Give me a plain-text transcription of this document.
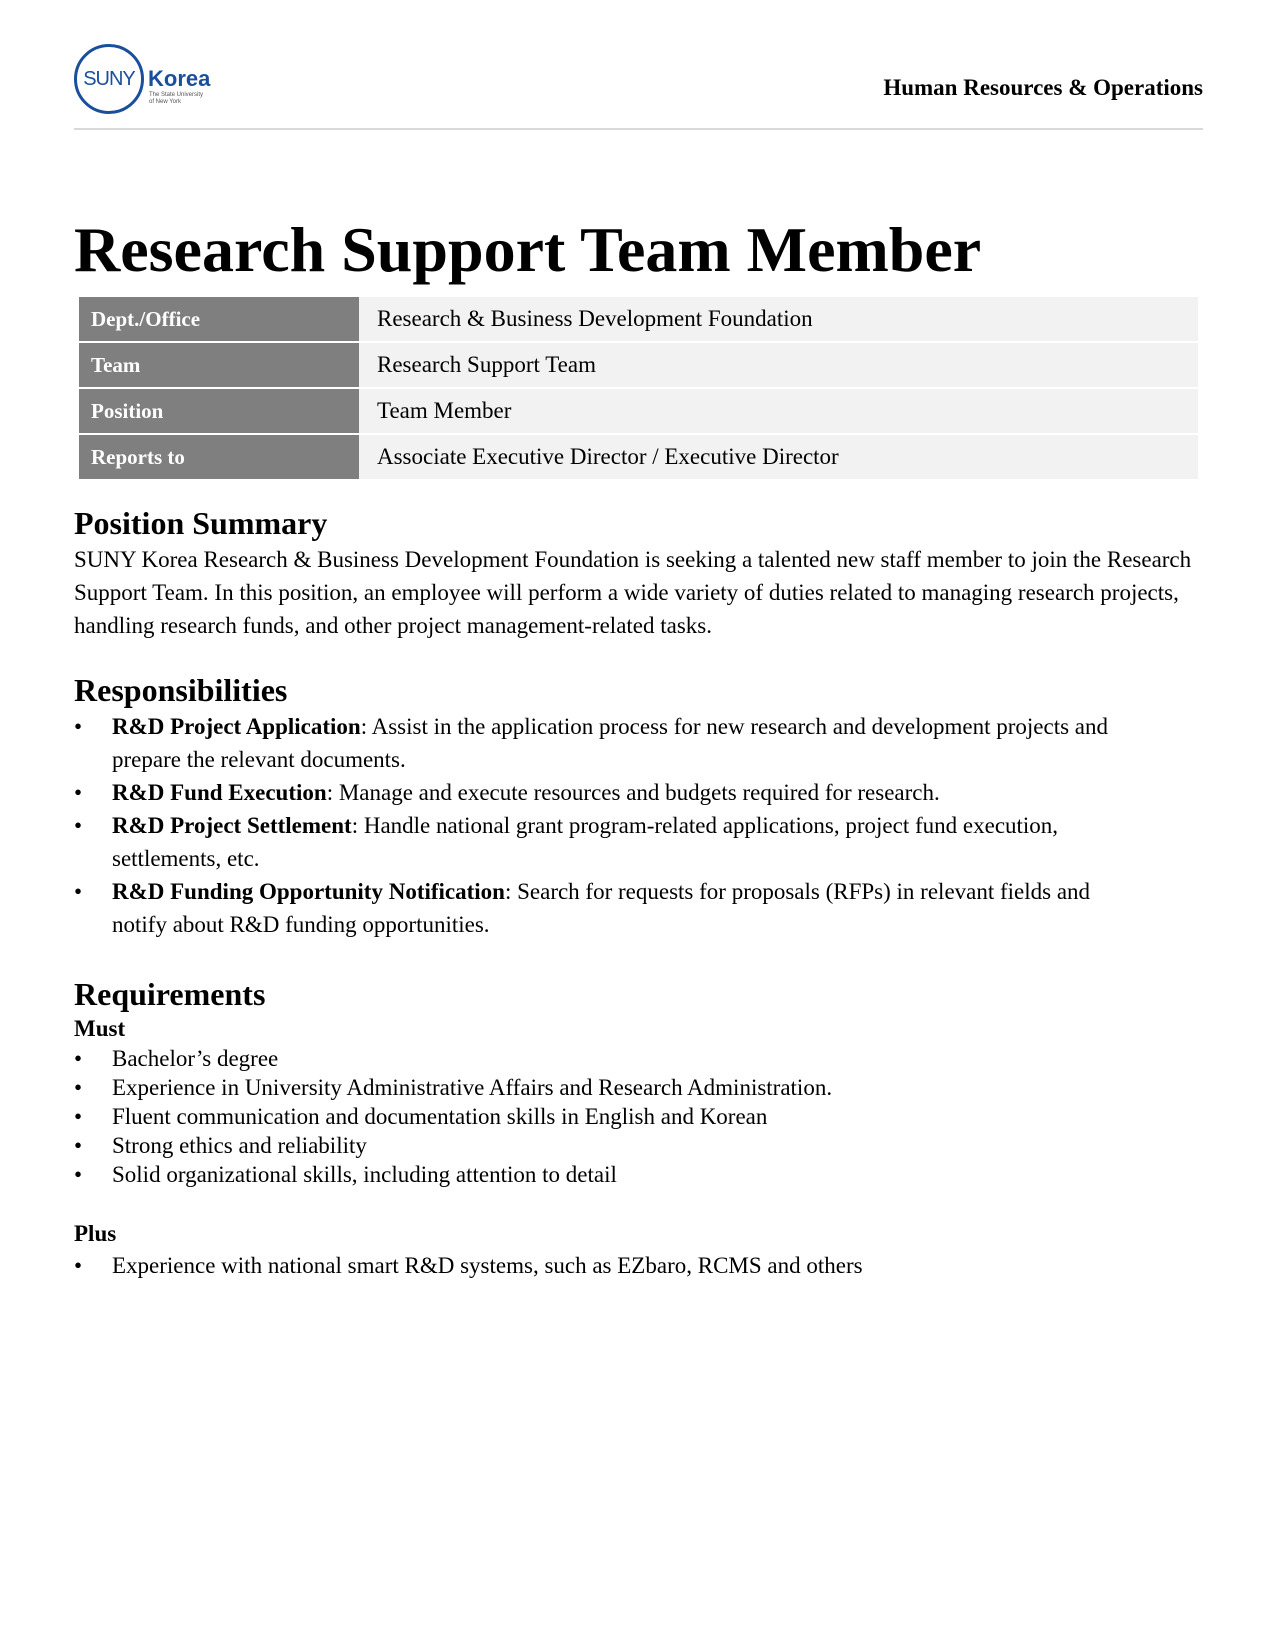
SUNY Korea
The State University of New York
Human Resources & Operations
Research Support Team Member
Dept./Office	Research & Business Development Foundation
Team	Research Support Team
Position	Team Member
Reports to	Associate Executive Director / Executive Director
Position Summary

SUNY Korea Research & Business Development Foundation is seeking a talented new staff member to join the Research Support Team. In this position, an employee will perform a wide variety of duties related to managing research projects, handling research funds, and other project management-related tasks.

Responsibilities
•	R&D Project Application: Assist in the application process for new research and development projects and prepare the relevant documents.
•	R&D Fund Execution: Manage and execute resources and budgets required for research.
•	R&D Project Settlement: Handle national grant program-related applications, project fund execution, settlements, etc.
•	R&D Funding Opportunity Notification: Search for requests for proposals (RFPs) in relevant fields and notify about R&D funding opportunities.
Requirements
Must
•	Bachelor’s degree
•	Experience in University Administrative Affairs and Research Administration.
•	Fluent communication and documentation skills in English and Korean
•	Strong ethics and reliability
•	Solid organizational skills, including attention to detail
Plus
•	Experience with national smart R&D systems, such as EZbaro, RCMS and others
